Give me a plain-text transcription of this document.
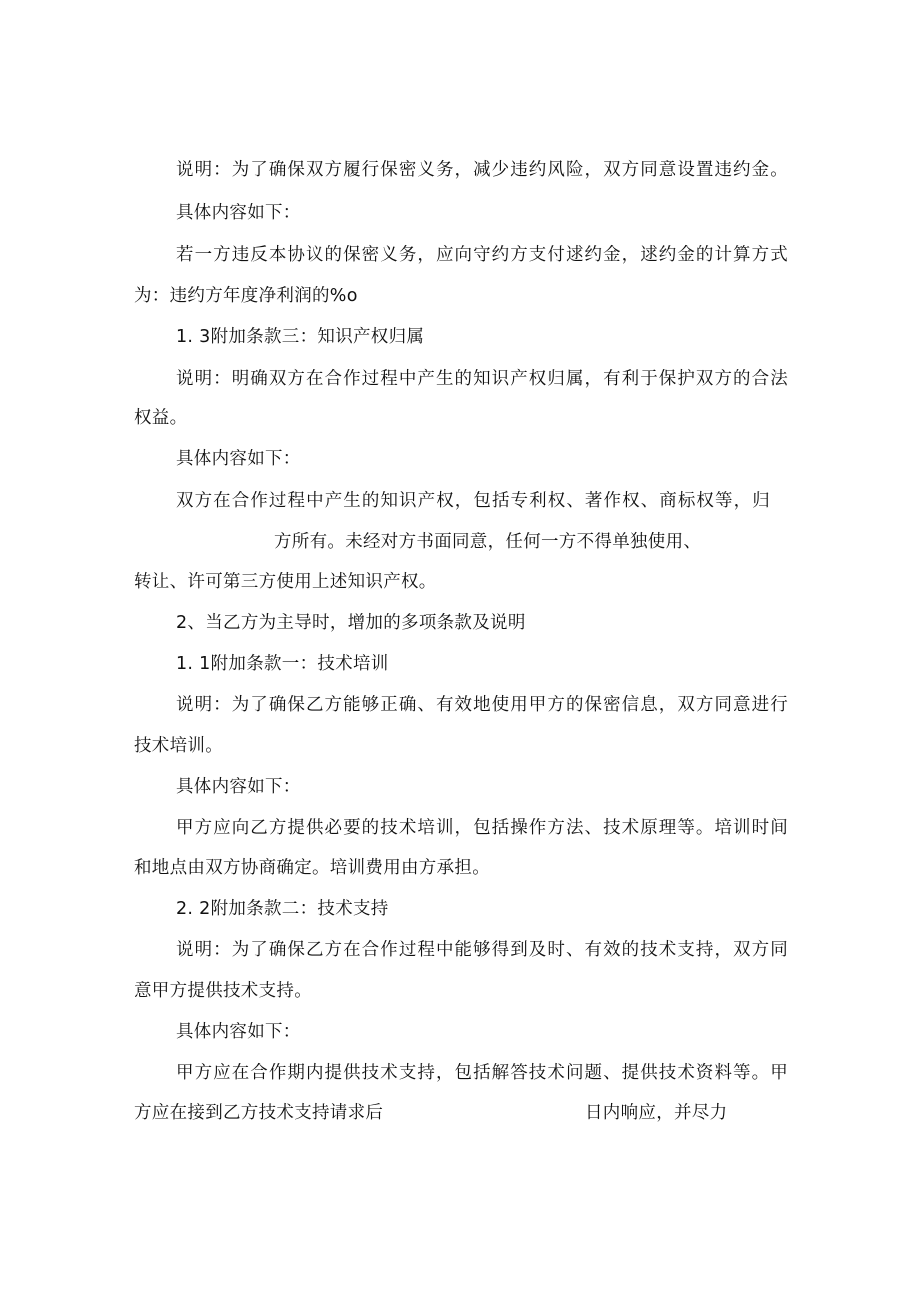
说明：为了确保双方履行保密义务，减少违约风险，双方同意设置违约金。
具体内容如下：
若一方违反本协议的保密义务，应向守约方支付逑约金，逑约金的计算方式
为：违约方年度净利润的%o
1. 3附加条款三：知识产权归属
说明：明确双方在合作过程中产生的知识产权归属，有利于保护双方的合法
权益。
具体内容如下：
双方在合作过程中产生的知识产权，包括专利权、著作权、商标权等，归
方所有。未经对方书面同意，任何一方不得单独使用、
转让、许可第三方使用上述知识产权。
2、当乙方为主导时，增加的多项条款及说明
1. 1附加条款一：技术培训
说明：为了确保乙方能够正确、有效地使用甲方的保密信息，双方同意进行
技术培训。
具体内容如下：
甲方应向乙方提供必要的技术培训，包括操作方法、技术原理等。培训时间
和地点由双方协商确定。培训费用由方承担。
2. 2附加条款二：技术支持
说明：为了确保乙方在合作过程中能够得到及时、有效的技术支持，双方同
意甲方提供技术支持。
具体内容如下：
甲方应在合作期内提供技术支持，包括解答技术问题、提供技术资料等。甲
方应在接到乙方技术支持请求后	日内响应，并尽力
